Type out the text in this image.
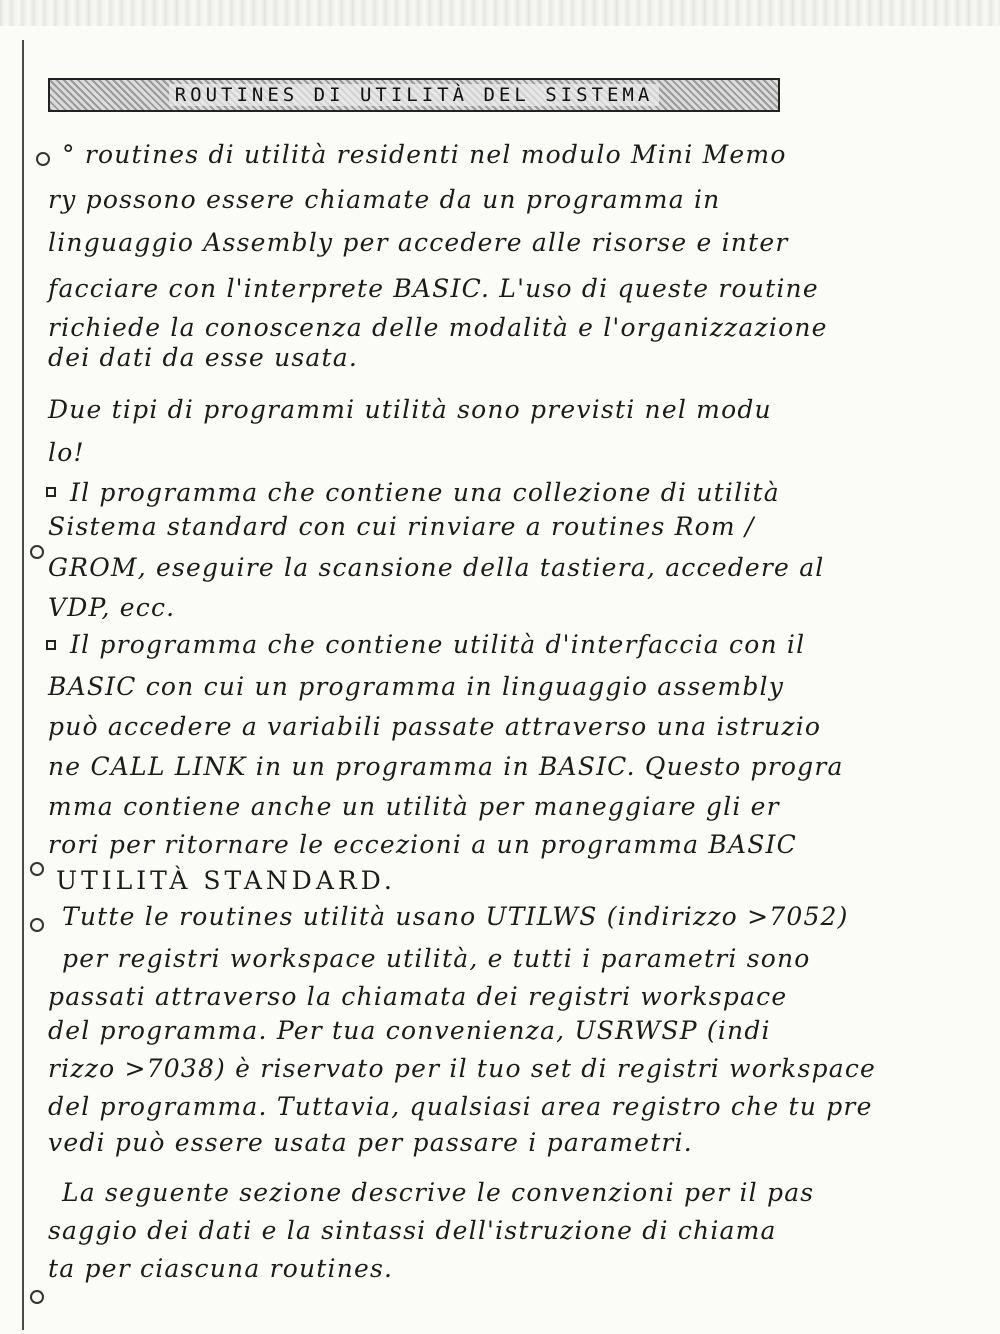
ROUTINES DI UTILITÀ DEL SISTEMA
° routines di utilità residenti nel modulo Mini Memo
ry possono essere chiamate da un programma in
linguaggio Assembly per accedere alle risorse e inter
facciare con l'interprete BASIC. L'uso di queste routine
richiede la conoscenza delle modalità e l'organizzazione
dei dati da esse usata.
Due tipi di programmi utilità sono previsti nel modu
lo!
Il programma che contiene una collezione di utilità
Sistema standard con cui rinviare a routines Rom /
GROM, eseguire la scansione della tastiera, accedere al
VDP, ecc.
Il programma che contiene utilità d'interfaccia con il
BASIC con cui un programma in linguaggio assembly
può accedere a variabili passate attraverso una istruzio
ne CALL LINK in un programma in BASIC. Questo progra
mma contiene anche un utilità per maneggiare gli er
rori per ritornare le eccezioni a un programma BASIC
UTILITÀ STANDARD.
Tutte le routines utilità usano UTILWS (indirizzo >7052)
per registri workspace utilità, e tutti i parametri sono
passati attraverso la chiamata dei registri workspace
del programma. Per tua convenienza, USRWSP (indi
rizzo >7038) è riservato per il tuo set di registri workspace
del programma. Tuttavia, qualsiasi area registro che tu pre
vedi può essere usata per passare i parametri.
La seguente sezione descrive le convenzioni per il pas
saggio dei dati e la sintassi dell'istruzione di chiama
ta per ciascuna routines.
